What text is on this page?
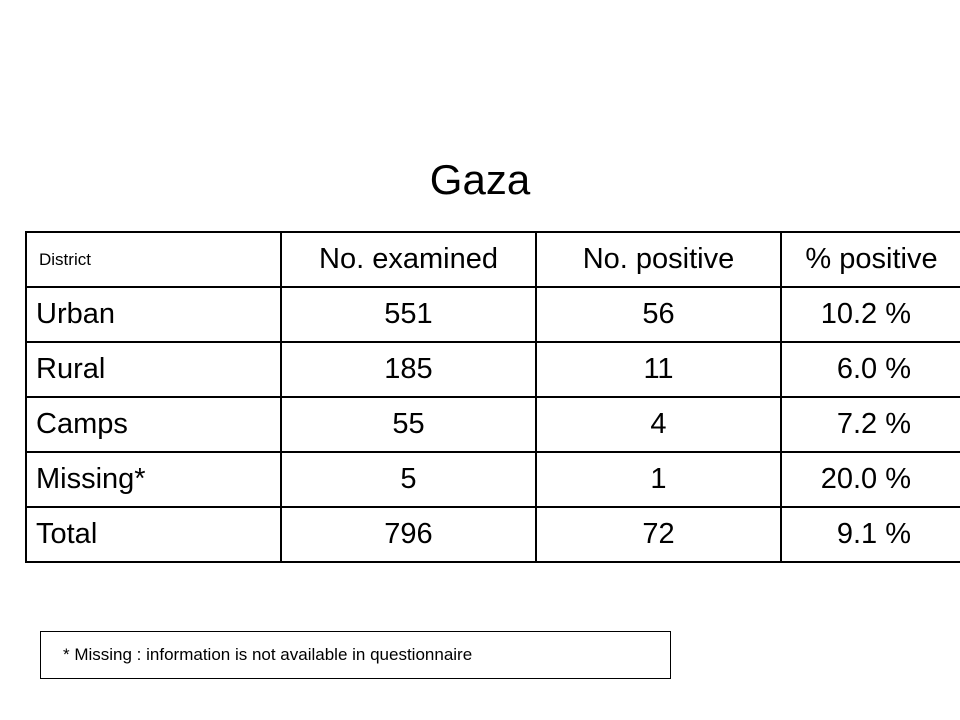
Gaza
District	No. examined	No. positive	% positive
Urban	551	56	10.2 %
Rural	185	11	6.0 %
Camps	55	4	7.2 %
Missing*	5	1	20.0 %
Total	796	72	9.1 %
* Missing : information is not available in questionnaire
